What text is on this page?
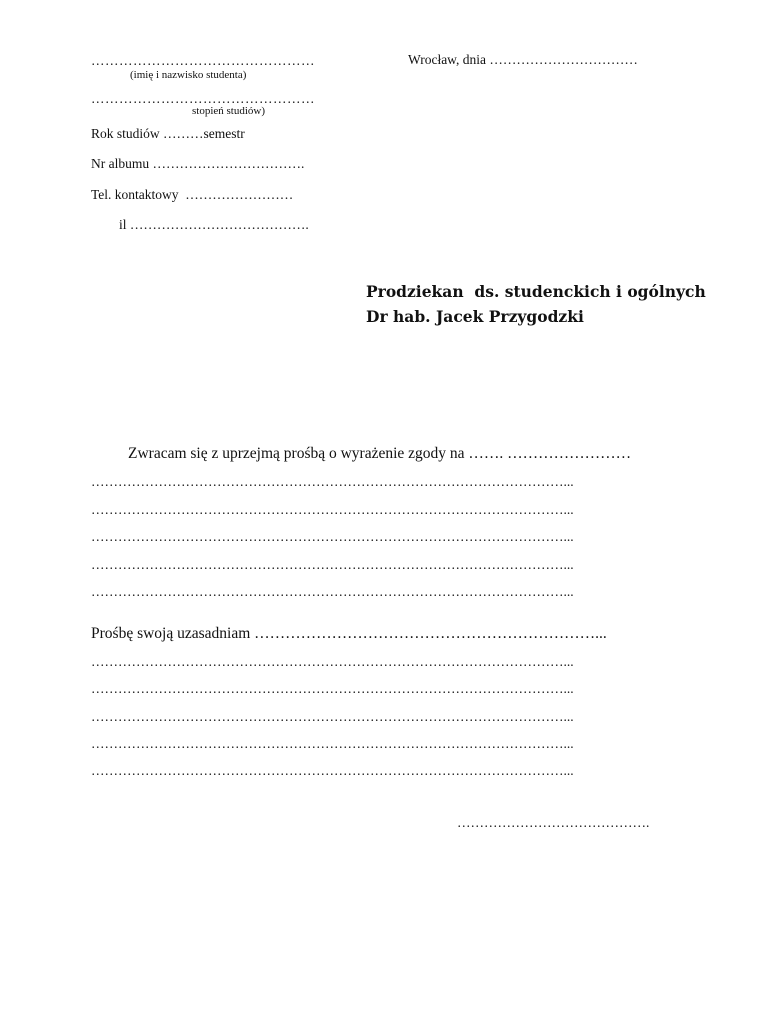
…………………………………………
(imię i nazwisko studenta)
Wrocław, dnia ……………………………
…………………………………………
stopień studiów)
Rok studiów ………semestr
Nr albumu …………………………….
Tel. kontaktowy  ……………………
il ………………………………….
Prodziekan  ds. studenckich i ogólnych
Dr hab. Jacek Przygodzki
Zwracam się z uprzejmą prośbą o wyrażenie zgody na ……. ……………………
……………………………………………………………………………………………...
……………………………………………………………………………………………...
……………………………………………………………………………………………...
……………………………………………………………………………………………...
……………………………………………………………………………………………...
Prośbę swoją uzasadniam …………………………………………………………...
……………………………………………………………………………………………...
……………………………………………………………………………………………...
……………………………………………………………………………………………...
……………………………………………………………………………………………...
……………………………………………………………………………………………...
…………………………………….
